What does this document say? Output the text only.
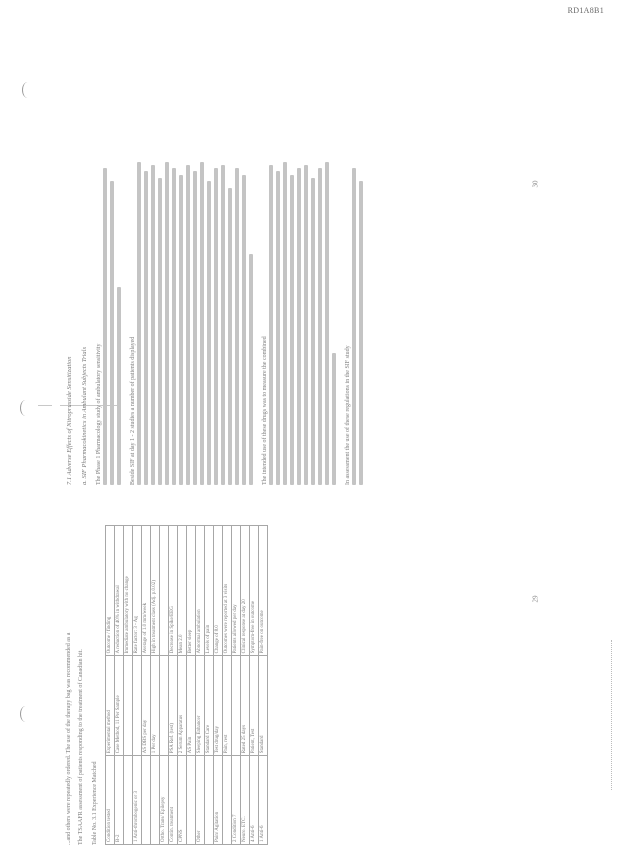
RD1A8B1
29
30
...and others were repeatedly ordered. The use of the therapy bag was recommended as a The TSAAFR assessment of patients responding to the treatment of Canadian hit. Table No. 3.1 Experience Matched Condition tested	Experimental method	Outcome / finding
B-2	Case Method, 11 Per Sample	A reduction of 40% in withdrawal
		Immediate ambulatory with no change
1 Anti-thrombogenic or 3		Rate factor: 3 - Ag
	AS DBS per day	Average of 1.0 mm/week
	1 Per day	High in treatment class (Adj. p.0.02)
Ortho. Trans/ Epilepsy		
Contin. treatment	PSA Ref. (test)	Decrease in Spike/EEG
CPNS	2 Serum Apparatus	Mean 2.0
	AS Pain	Better sleep
Other	Sleeping Enhancer	Abnormal ambulation
	Standard Care	Levels of pain
Pain/ Agitation	Test drug/day	Change of 8.0
	Pain, rest	Outcomes were reported at 3 visits
2 Condition 7		Patients allowed per day
Neuro. ETC.	Rated 25 days	Clinical response at day 20
4 Anti-6	Patient, Test	Symptom-free in outcome
1 Anti-6	Standard	Pain-free on outcome
7.1 Adverse Effects of Nitroprusside Sensitization a. SIF Pharmacokinetics in Ambulant Subjects Trials The Phase 1 Pharmacology study of ambulatory sensitivity	Beside SIF at day 1 - 2 studies a number of patients displayed	The intended use of these drugs was to measure the combined	In assessment the use of these regulations in the SIF study
